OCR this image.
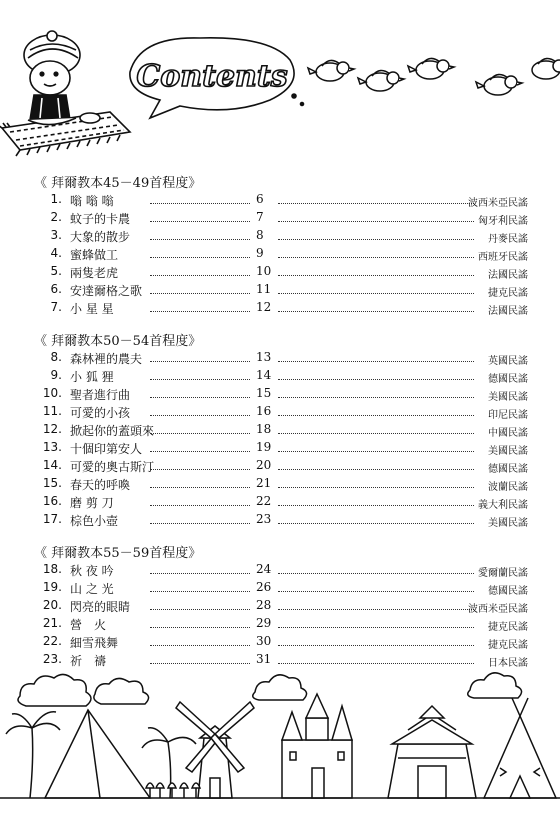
Contents
《 拜爾教本45－49首程度》
1. 嗡 嗡 嗡	6	波西米亞民謠
2. 蚊子的卡農	7	匈牙利民謠
3. 大象的散步	8	丹麥民謠
4. 蜜蜂做工	9	西班牙民謠
5. 兩隻老虎	10	法國民謠
6. 安達爾格之歌	11	捷克民謠
7. 小 星 星	12	法國民謠
《 拜爾教本50－54首程度》
8. 森林裡的農夫	13	英國民謠
9. 小 狐 狸	14	德國民謠
10. 聖者進行曲	15	美國民謠
11. 可愛的小孩	16	印尼民謠
12. 掀起你的蓋頭來	18	中國民謠
13. 十個印第安人	19	美國民謠
14. 可愛的奧古斯汀	20	德國民謠
15. 春天的呼喚	21	波蘭民謠
16. 磨 剪 刀	22	義大利民謠
17. 棕色小壺	23	美國民謠
《 拜爾教本55－59首程度》
18. 秋 夜 吟	24	愛爾蘭民謠
19. 山 之 光	26	德國民謠
20. 閃亮的眼睛	28	波西米亞民謠
21. 營　火	29	捷克民謠
22. 細雪飛舞	30	捷克民謠
23. 祈　禱	31	日本民謠
